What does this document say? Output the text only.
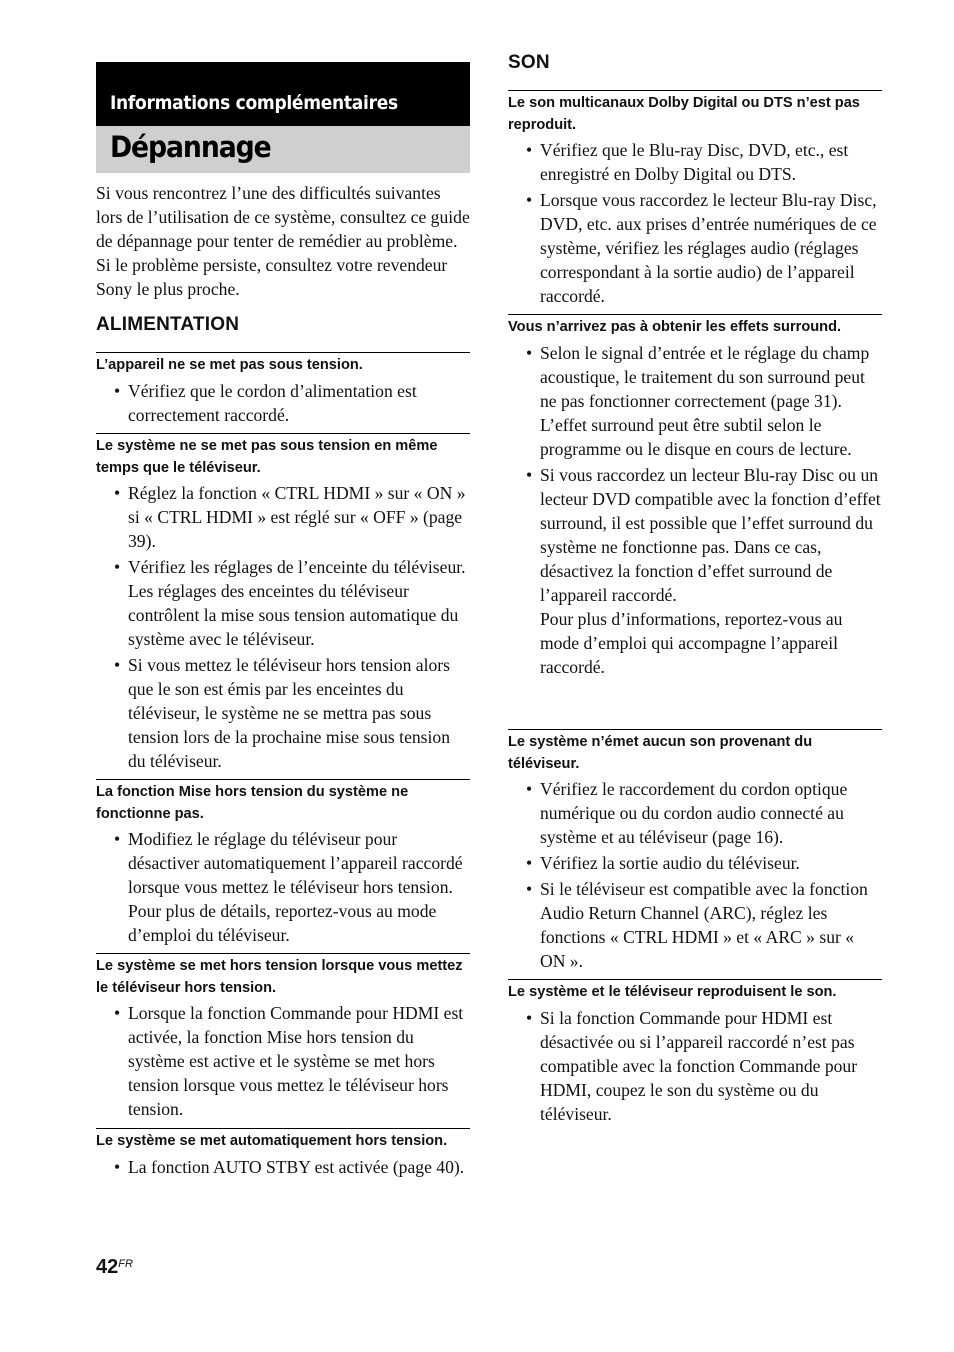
Informations complémentaires
Dépannage
Si vous rencontrez l’une des difficultés suivantes lors de l’utilisation de ce système, consultez ce guide de dépannage pour tenter de remédier au problème. Si le problème persiste, consultez votre revendeur Sony le plus proche.
ALIMENTATION
L’appareil ne se met pas sous tension.
• Vérifiez que le cordon d’alimentation est correctement raccordé.
Le système ne se met pas sous tension en même temps que le téléviseur.
• Réglez la fonction « CTRL HDMI » sur « ON » si « CTRL HDMI » est réglé sur « OFF » (page 39).
• Vérifiez les réglages de l’enceinte du téléviseur. Les réglages des enceintes du téléviseur contrôlent la mise sous tension automatique du système avec le téléviseur.
• Si vous mettez le téléviseur hors tension alors que le son est émis par les enceintes du téléviseur, le système ne se mettra pas sous tension lors de la prochaine mise sous tension du téléviseur.
La fonction Mise hors tension du système ne fonctionne pas.
• Modifiez le réglage du téléviseur pour désactiver automatiquement l’appareil raccordé lorsque vous mettez le téléviseur hors tension. Pour plus de détails, reportez-vous au mode d’emploi du téléviseur.
Le système se met hors tension lorsque vous mettez le téléviseur hors tension.
• Lorsque la fonction Commande pour HDMI est activée, la fonction Mise hors tension du système est active et le système se met hors tension lorsque vous mettez le téléviseur hors tension.
Le système se met automatiquement hors tension.
• La fonction AUTO STBY est activée (page 40).
SON
Le son multicanaux Dolby Digital ou DTS n’est pas reproduit.
• Vérifiez que le Blu-ray Disc, DVD, etc., est enregistré en Dolby Digital ou DTS.
• Lorsque vous raccordez le lecteur Blu-ray Disc, DVD, etc. aux prises d’entrée numériques de ce système, vérifiez les réglages audio (réglages correspondant à la sortie audio) de l’appareil raccordé.
Vous n’arrivez pas à obtenir les effets surround.
• Selon le signal d’entrée et le réglage du champ acoustique, le traitement du son surround peut ne pas fonctionner correctement (page 31). L’effet surround peut être subtil selon le programme ou le disque en cours de lecture.
• Si vous raccordez un lecteur Blu-ray Disc ou un lecteur DVD compatible avec la fonction d’effet surround, il est possible que l’effet surround du système ne fonctionne pas. Dans ce cas, désactivez la fonction d’effet surround de l’appareil raccordé.
Pour plus d’informations, reportez-vous au mode d’emploi qui accompagne l’appareil raccordé.
Le système n’émet aucun son provenant du téléviseur.
• Vérifiez le raccordement du cordon optique numérique ou du cordon audio connecté au système et au téléviseur (page 16).
• Vérifiez la sortie audio du téléviseur.
• Si le téléviseur est compatible avec la fonction Audio Return Channel (ARC), réglez les fonctions « CTRL HDMI » et « ARC » sur « ON ».
Le système et le téléviseur reproduisent le son.
• Si la fonction Commande pour HDMI est désactivée ou si l’appareil raccordé n’est pas compatible avec la fonction Commande pour HDMI, coupez le son du système ou du téléviseur.
$42^{FR}$
